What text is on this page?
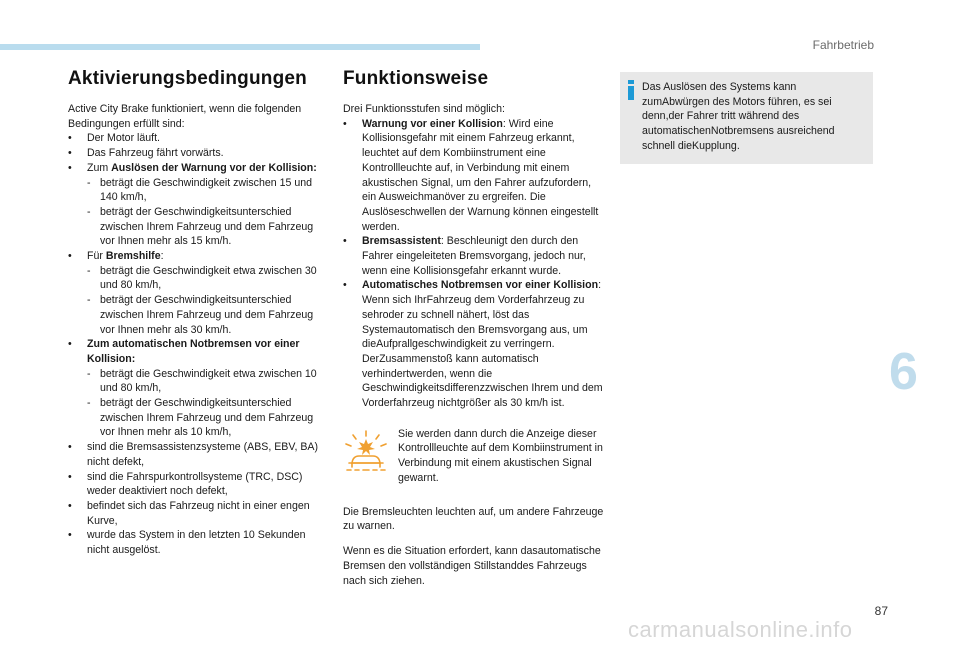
Fahrbetrieb
Aktivierungsbedingungen

Active City Brake funktioniert, wenn die folgenden Bedingungen erfüllt sind:

• Der Motor läuft.
• Das Fahrzeug fährt vorwärts.
• Zum Auslösen der Warnung vor der Kollision:
- beträgt die Geschwindigkeit zwischen 15 und 140 km/h,
- beträgt der Geschwindigkeitsunterschied zwischen Ihrem Fahrzeug und dem Fahrzeug vor Ihnen mehr als 15 km/h.
• Für Bremshilfe:
- beträgt die Geschwindigkeit etwa zwischen 30 und 80 km/h,
- beträgt der Geschwindigkeitsunterschied zwischen Ihrem Fahrzeug und dem Fahrzeug vor Ihnen mehr als 30 km/h.
• Zum automatischen Notbremsen vor einer Kollision:
- beträgt die Geschwindigkeit etwa zwischen 10 und 80 km/h,
- beträgt der Geschwindigkeitsunterschied zwischen Ihrem Fahrzeug und dem Fahrzeug vor Ihnen mehr als 10 km/h,
• sind die Bremsassistenzsysteme (ABS, EBV, BA) nicht defekt,
• sind die Fahrspurkontrollsysteme (TRC, DSC) weder deaktiviert noch defekt,
• befindet sich das Fahrzeug nicht in einer engen Kurve,
• wurde das System in den letzten 10 Sekunden nicht ausgelöst.
Funktionsweise

Drei Funktionsstufen sind möglich:

• Warnung vor einer Kollision: Wird eine Kollisionsgefahr mit einem Fahrzeug erkannt, leuchtet auf dem Kombiinstrument eine Kontrollleuchte auf, in Verbindung mit einem akustischen Signal, um den Fahrer aufzufordern, ein Ausweichmanöver zu ergreifen. Die Auslöseschwellen der Warnung können eingestellt werden.
• Bremsassistent: Beschleunigt den durch den Fahrer eingeleiteten Bremsvorgang, jedoch nur, wenn eine Kollisionsgefahr erkannt wurde.
• Automatisches Notbremsen vor einer Kollision: Wenn sich IhrFahrzeug dem Vorderfahrzeug zu sehroder zu schnell nähert, löst das Systemautomatisch den Bremsvorgang aus, um dieAufprallgeschwindigkeit zu verringern. DerZusammenstoß kann automatisch verhindertwerden, wenn die Geschwindigkeitsdifferenzzwischen Ihrem und dem Vorderfahrzeug nichtgrößer als 30 km/h ist.

Sie werden dann durch die Anzeige dieser Kontrollleuchte auf dem Kombiinstrument in Verbindung mit einem akustischen Signal gewarnt.

Die Bremsleuchten leuchten auf, um andere Fahrzeuge zu warnen.

Wenn es die Situation erfordert, kann dasautomatische Bremsen den vollständigen Stillstanddes Fahrzeugs nach sich ziehen.

Das Auslösen des Systems kann zumAbwürgen des Motors führen, es sei denn,der Fahrer tritt während des automatischenNotbremsens ausreichend schnell dieKupplung.
6
87
carmanualsonline.info
